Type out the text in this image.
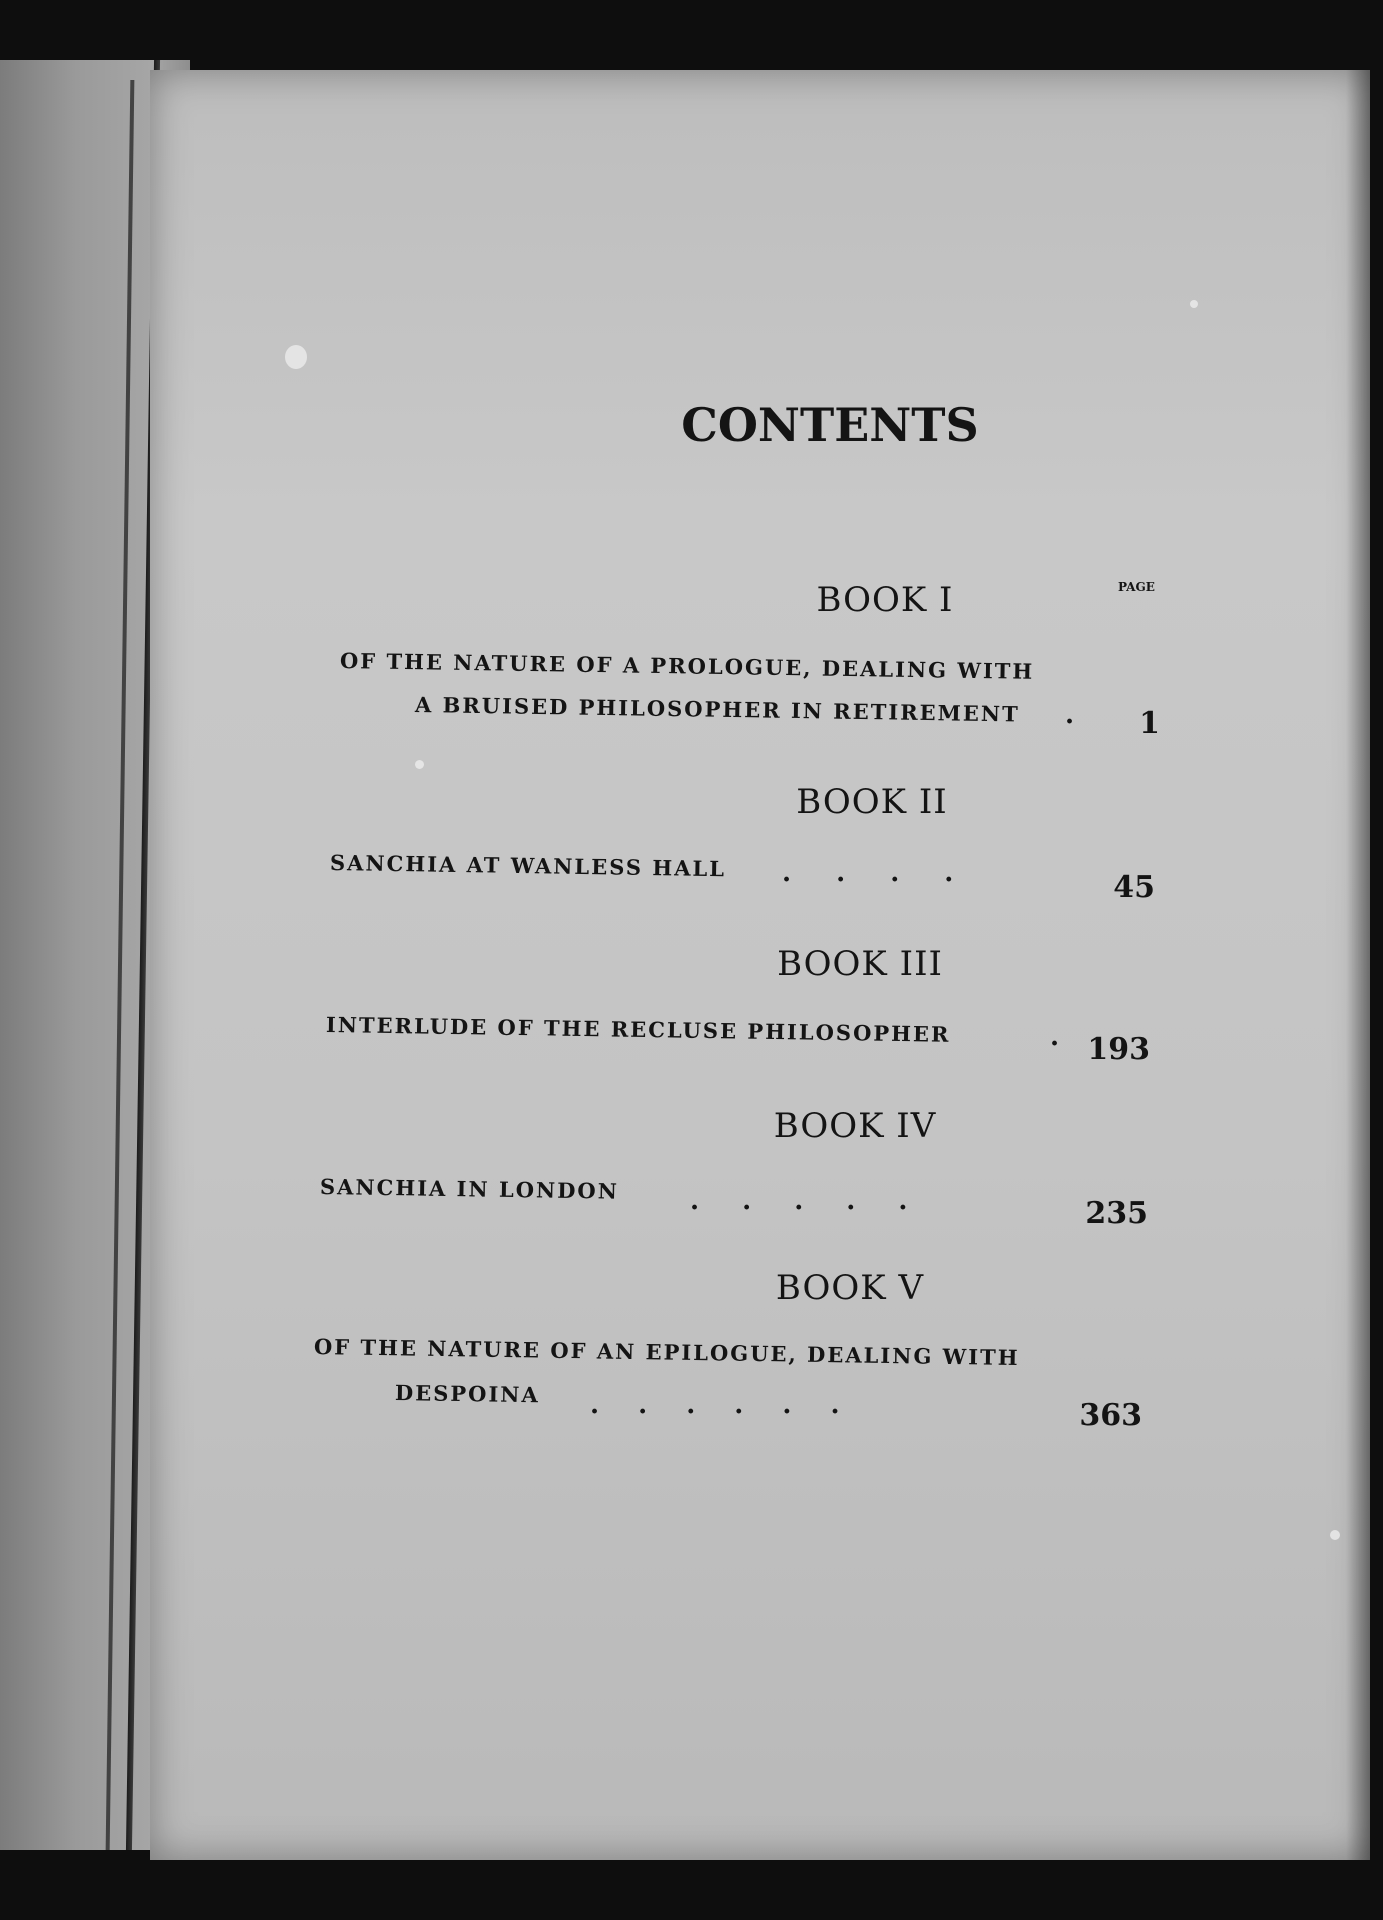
CONTENTS
BOOK I	PAGE
OF THE NATURE OF A PROLOGUE, DEALING WITH
A BRUISED PHILOSOPHER IN RETIREMENT .	1
BOOK II
SANCHIA AT WANLESS HALL . . . .	45
BOOK III
INTERLUDE OF THE RECLUSE PHILOSOPHER	. 193
BOOK IV
SANCHIA IN LONDON	. . . . .	235
BOOK V
OF THE NATURE OF AN EPILOGUE, DEALING WITH
DESPOINA . . . . . .	363
